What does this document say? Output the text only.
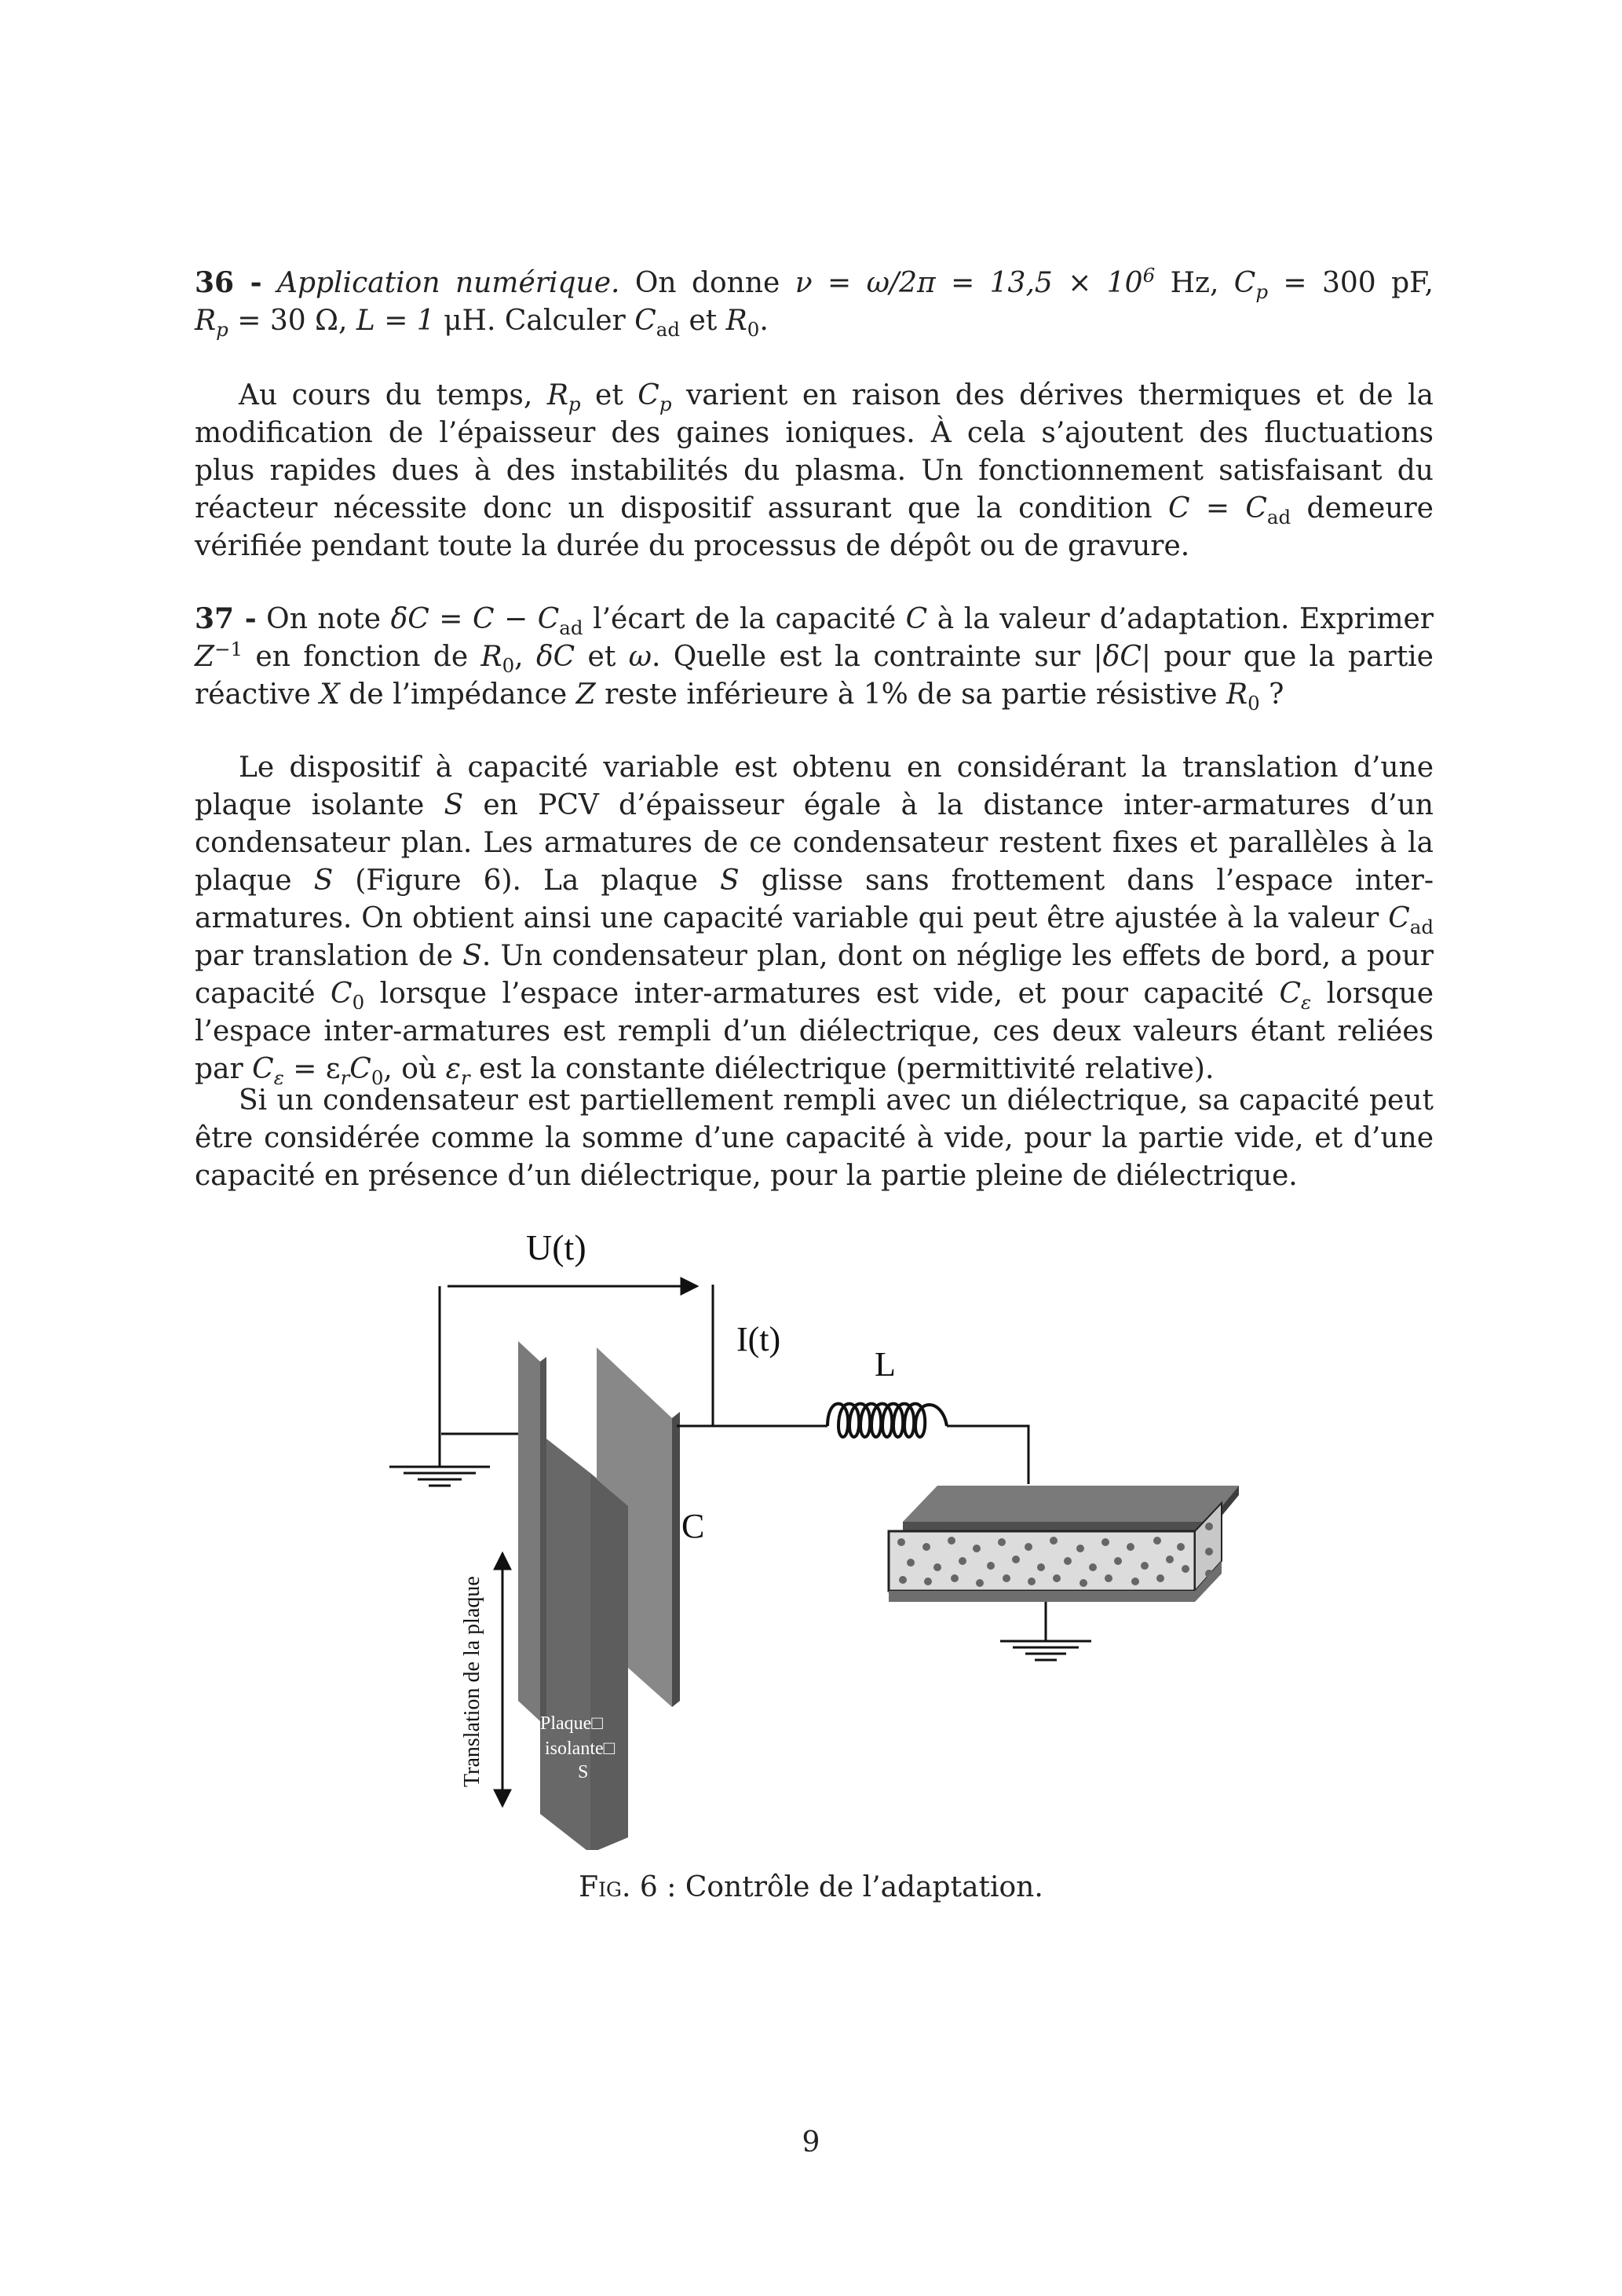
36 - Application numérique. On donne $\nu = \omega/2\pi = 13,5 \times 10^6$ Hz, $C_p = 300$ pF, $R_p = 30$ Ω, L = 1 μH. Calculer $C_{ad}$ et $R_0$.

Au cours du temps, $R_p$ et $C_p$ varient en raison des dérives thermiques et de la modification de l’épaisseur des gaines ioniques. À cela s’ajoutent des fluctuations plus rapides dues à des instabilités du plasma. Un fonctionnement satisfaisant du réacteur nécessite donc un dispositif assurant que la condition $C = C_{ad}$ demeure vérifiée pendant toute la durée du processus de dépôt ou de gravure.

37 - On note $\delta C = C - C_{ad}$ l’écart de la capacité C à la valeur d’adaptation. Exprimer $Z^{-1}$ en fonction de $R_0$, δC et ω. Quelle est la contrainte sur |δC| pour que la partie réactive X de l’impédance Z reste inférieure à 1% de sa partie résistive $R_0$ ?

Le dispositif à capacité variable est obtenu en considérant la translation d’une plaque isolante S en PCV d’épaisseur égale à la distance inter-armatures d’un condensateur plan. Les armatures de ce condensateur restent fixes et parallèles à la plaque S (Figure 6). La plaque S glisse sans frottement dans l’espace inter-armatures. On obtient ainsi une capacité variable qui peut être ajustée à la valeur $C_{ad}$ par translation de S. Un condensateur plan, dont on néglige les effets de bord, a pour capacité $C_0$ lorsque l’espace inter-armatures est vide, et pour capacité $C_\varepsilon$ lorsque l’espace inter-armatures est rempli d’un diélectrique, ces deux valeurs étant reliées par $C_\varepsilon = \varepsilon_rC_0$, où $\varepsilon_r$ est la constante diélectrique (permittivité relative).

Si un condensateur est partiellement rempli avec un diélectrique, sa capacité peut être considérée comme la somme d’une capacité à vide, pour la partie vide, et d’une capacité en présence d’un diélectrique, pour la partie pleine de diélectrique.

U(t)
Plaque□
isolante□
S
Translation de la plaque
C
I(t)
L
Fig. 6 : Contrôle de l’adaptation.
9
